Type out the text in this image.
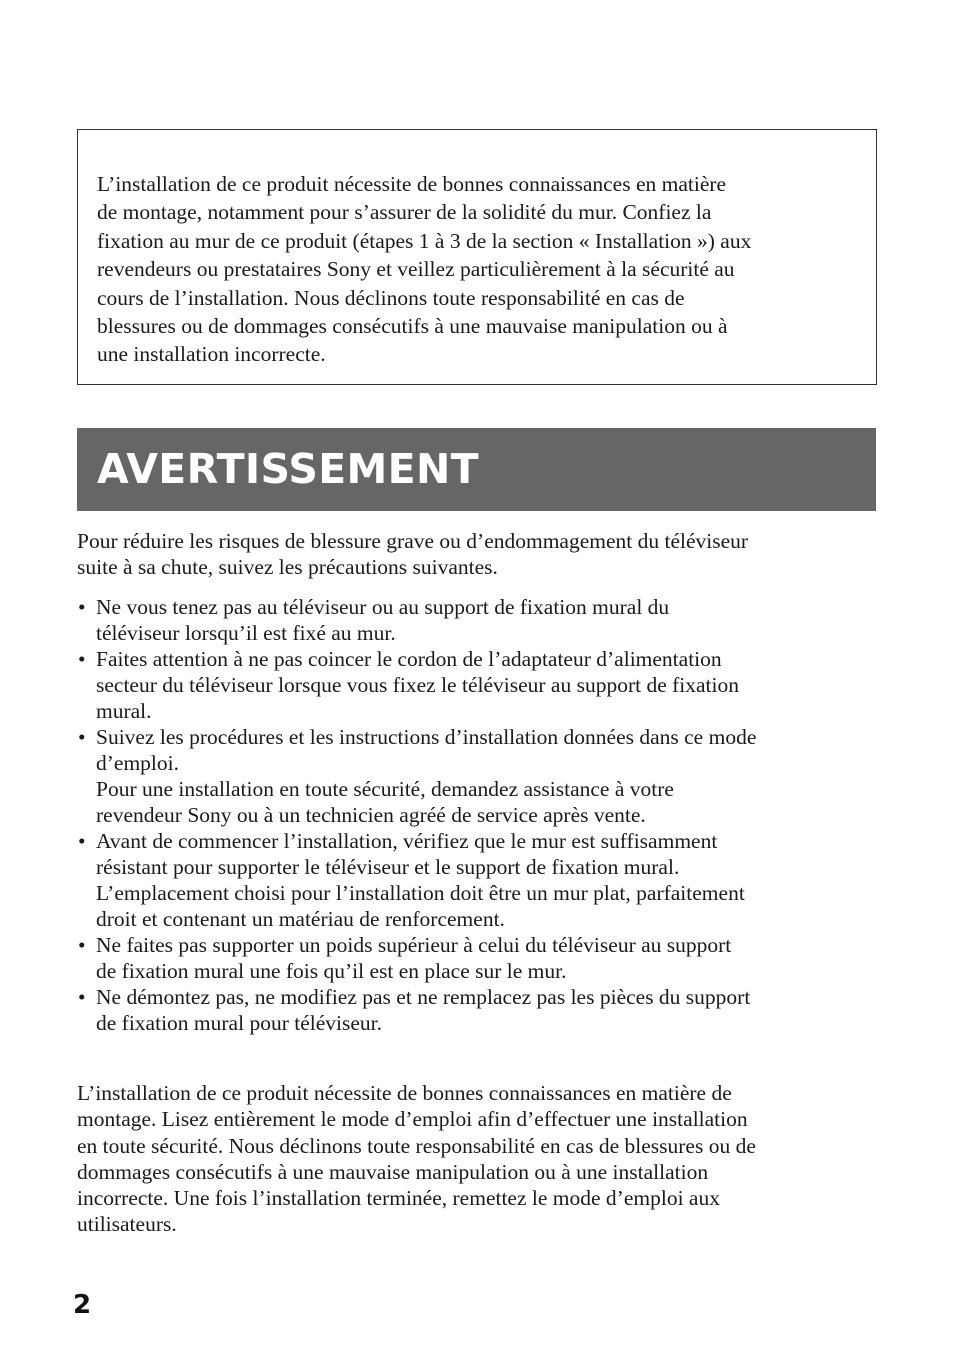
L’installation de ce produit nécessite de bonnes connaissances en matière
de montage, notamment pour s’assurer de la solidité du mur. Confiez la
fixation au mur de ce produit (étapes 1 à 3 de la section « Installation ») aux
revendeurs ou prestataires Sony et veillez particulièrement à la sécurité au
cours de l’installation. Nous déclinons toute responsabilité en cas de
blessures ou de dommages consécutifs à une mauvaise manipulation ou à
une installation incorrecte.

AVERTISSEMENT

Pour réduire les risques de blessure grave ou d’endommagement du téléviseur
suite à sa chute, suivez les précautions suivantes.

• Ne vous tenez pas au téléviseur ou au support de fixation mural du
téléviseur lorsqu’il est fixé au mur.
• Faites attention à ne pas coincer le cordon de l’adaptateur d’alimentation
secteur du téléviseur lorsque vous fixez le téléviseur au support de fixation
mural.
• Suivez les procédures et les instructions d’installation données dans ce mode
d’emploi.
Pour une installation en toute sécurité, demandez assistance à votre
revendeur Sony ou à un technicien agréé de service après vente.
• Avant de commencer l’installation, vérifiez que le mur est suffisamment
résistant pour supporter le téléviseur et le support de fixation mural.
L’emplacement choisi pour l’installation doit être un mur plat, parfaitement
droit et contenant un matériau de renforcement.
• Ne faites pas supporter un poids supérieur à celui du téléviseur au support
de fixation mural une fois qu’il est en place sur le mur.
• Ne démontez pas, ne modifiez pas et ne remplacez pas les pièces du support
de fixation mural pour téléviseur.

L’installation de ce produit nécessite de bonnes connaissances en matière de
montage. Lisez entièrement le mode d’emploi afin d’effectuer une installation
en toute sécurité. Nous déclinons toute responsabilité en cas de blessures ou de
dommages consécutifs à une mauvaise manipulation ou à une installation
incorrecte. Une fois l’installation terminée, remettez le mode d’emploi aux
utilisateurs.

2
